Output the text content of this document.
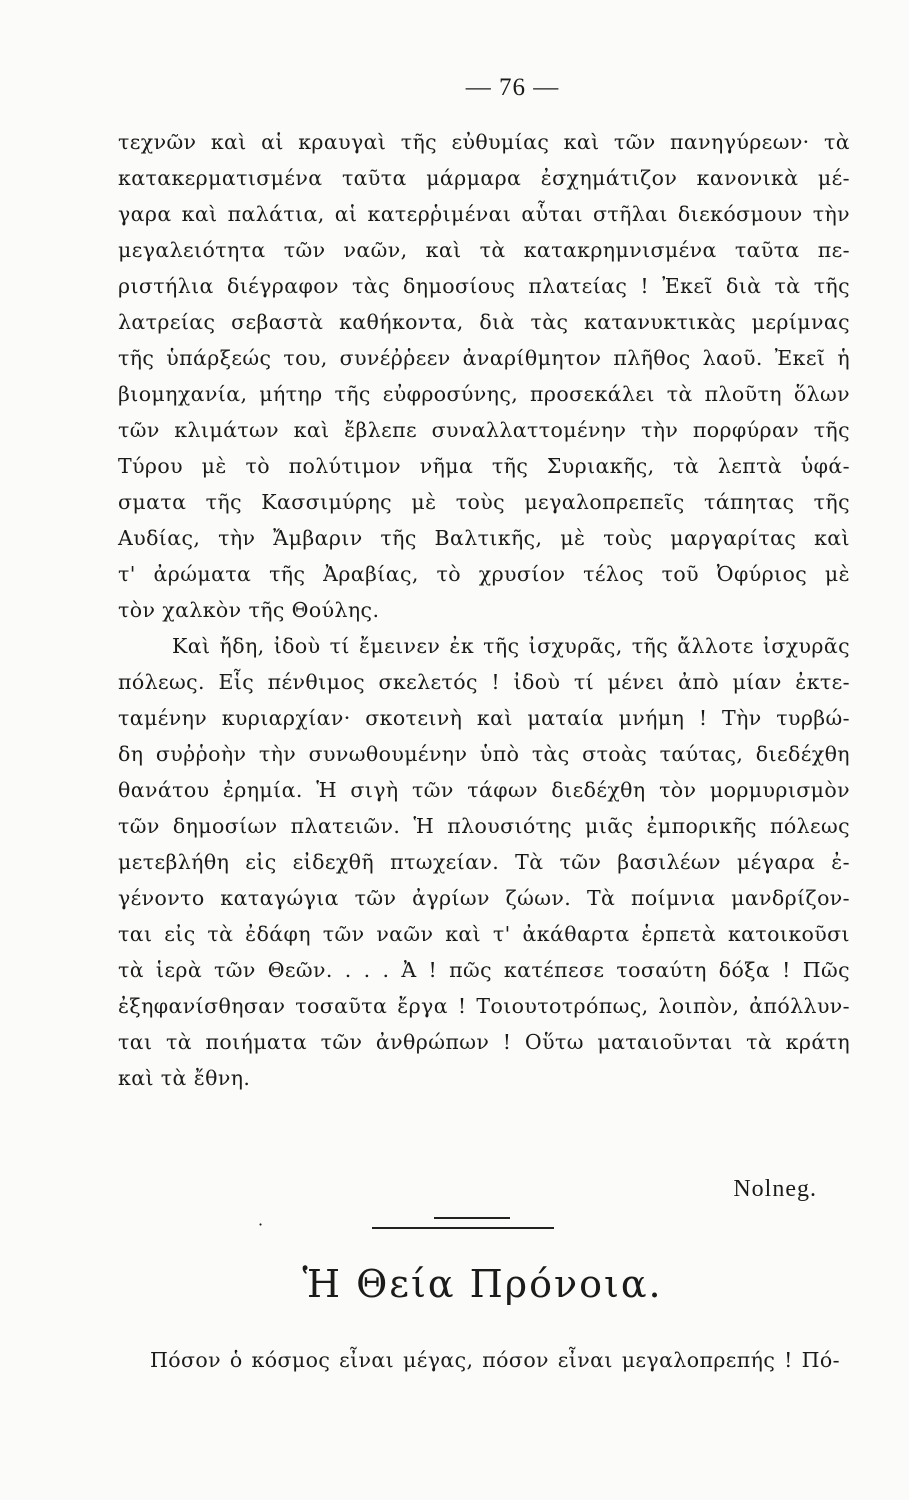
— 76 —
τεχνῶν καὶ αἱ κραυγαὶ τῆς εὐθυμίας καὶ τῶν πανηγύρεων· τὰ
κατακερματισμένα ταῦτα μάρμαρα ἐσχημάτιζον κανονικὰ μέ-
γαρα καὶ παλάτια, αἱ κατερῥιμέναι αὗται στῆλαι διεκόσμουν τὴν
μεγαλειότητα τῶν ναῶν, καὶ τὰ κατακρημνισμένα ταῦτα πε-
ριστήλια διέγραφον τὰς δημοσίους πλατείας ! Ἐκεῖ διὰ τὰ τῆς
λατρείας σεβαστὰ καθήκοντα, διὰ τὰς κατανυκτικὰς μερίμνας
τῆς ὑπάρξεώς του, συνέῤῥεεν ἀναρίθμητον πλῆθος λαοῦ. Ἐκεῖ ἡ
βιομηχανία, μήτηρ τῆς εὐφροσύνης, προσεκάλει τὰ πλοῦτη ὅλων
τῶν κλιμάτων καὶ ἔβλεπε συναλλαττομένην τὴν πορφύραν τῆς
Τύρου μὲ τὸ πολύτιμον νῆμα τῆς Συριακῆς, τὰ λεπτὰ ὑφά-
σματα τῆς Κασσιμύρης μὲ τοὺς μεγαλοπρεπεῖς τάπητας τῆς
Αυδίας, τὴν Ἄμβαριν τῆς Βαλτικῆς, μὲ τοὺς μαργαρίτας καὶ
τ' ἀρώματα τῆς Ἀραβίας, τὸ χρυσίον τέλος τοῦ Ὀφύριος μὲ
τὸν χαλκὸν τῆς Θούλης.
Καὶ ἤδη, ἰδοὺ τί ἔμεινεν ἐκ τῆς ἰσχυρᾶς, τῆς ἄλλοτε ἰσχυρᾶς
πόλεως. Εἷς πένθιμος σκελετός ! ἰδοὺ τί μένει ἀπὸ μίαν ἐκτε-
ταμένην κυριαρχίαν· σκοτεινὴ καὶ ματαία μνήμη ! Τὴν τυρβώ-
δη συῤῥοὴν τὴν συνωθουμένην ὑπὸ τὰς στοὰς ταύτας, διεδέχθη
θανάτου ἐρημία. Ἡ σιγὴ τῶν τάφων διεδέχθη τὸν μορμυρισμὸν
τῶν δημοσίων πλατειῶν. Ἡ πλουσιότης μιᾶς ἐμπορικῆς πόλεως
μετεβλήθη εἰς εἰδεχθῆ πτωχείαν. Τὰ τῶν βασιλέων μέγαρα ἐ-
γένοντο καταγώγια τῶν ἀγρίων ζώων. Τὰ ποίμνια μανδρίζον-
ται εἰς τὰ ἐδάφη τῶν ναῶν καὶ τ' ἀκάθαρτα ἑρπετὰ κατοικοῦσι
τὰ ἱερὰ τῶν Θεῶν. . . . Ἀ ! πῶς κατέπεσε τοσαύτη δόξα ! Πῶς
ἐξηφανίσθησαν τοσαῦτα ἔργα ! Τοιουτοτρόπως, λοιπὸν, ἀπόλλυν-
ται τὰ ποιήματα τῶν ἀνθρώπων ! Οὕτω ματαιοῦνται τὰ κράτη
καὶ τὰ ἔθνη.
Nolneg.
·
Ἡ Θεία Πρόνοια.
Πόσον ὁ κόσμος εἶναι μέγας, πόσον εἶναι μεγαλοπρεπής ! Πό-
